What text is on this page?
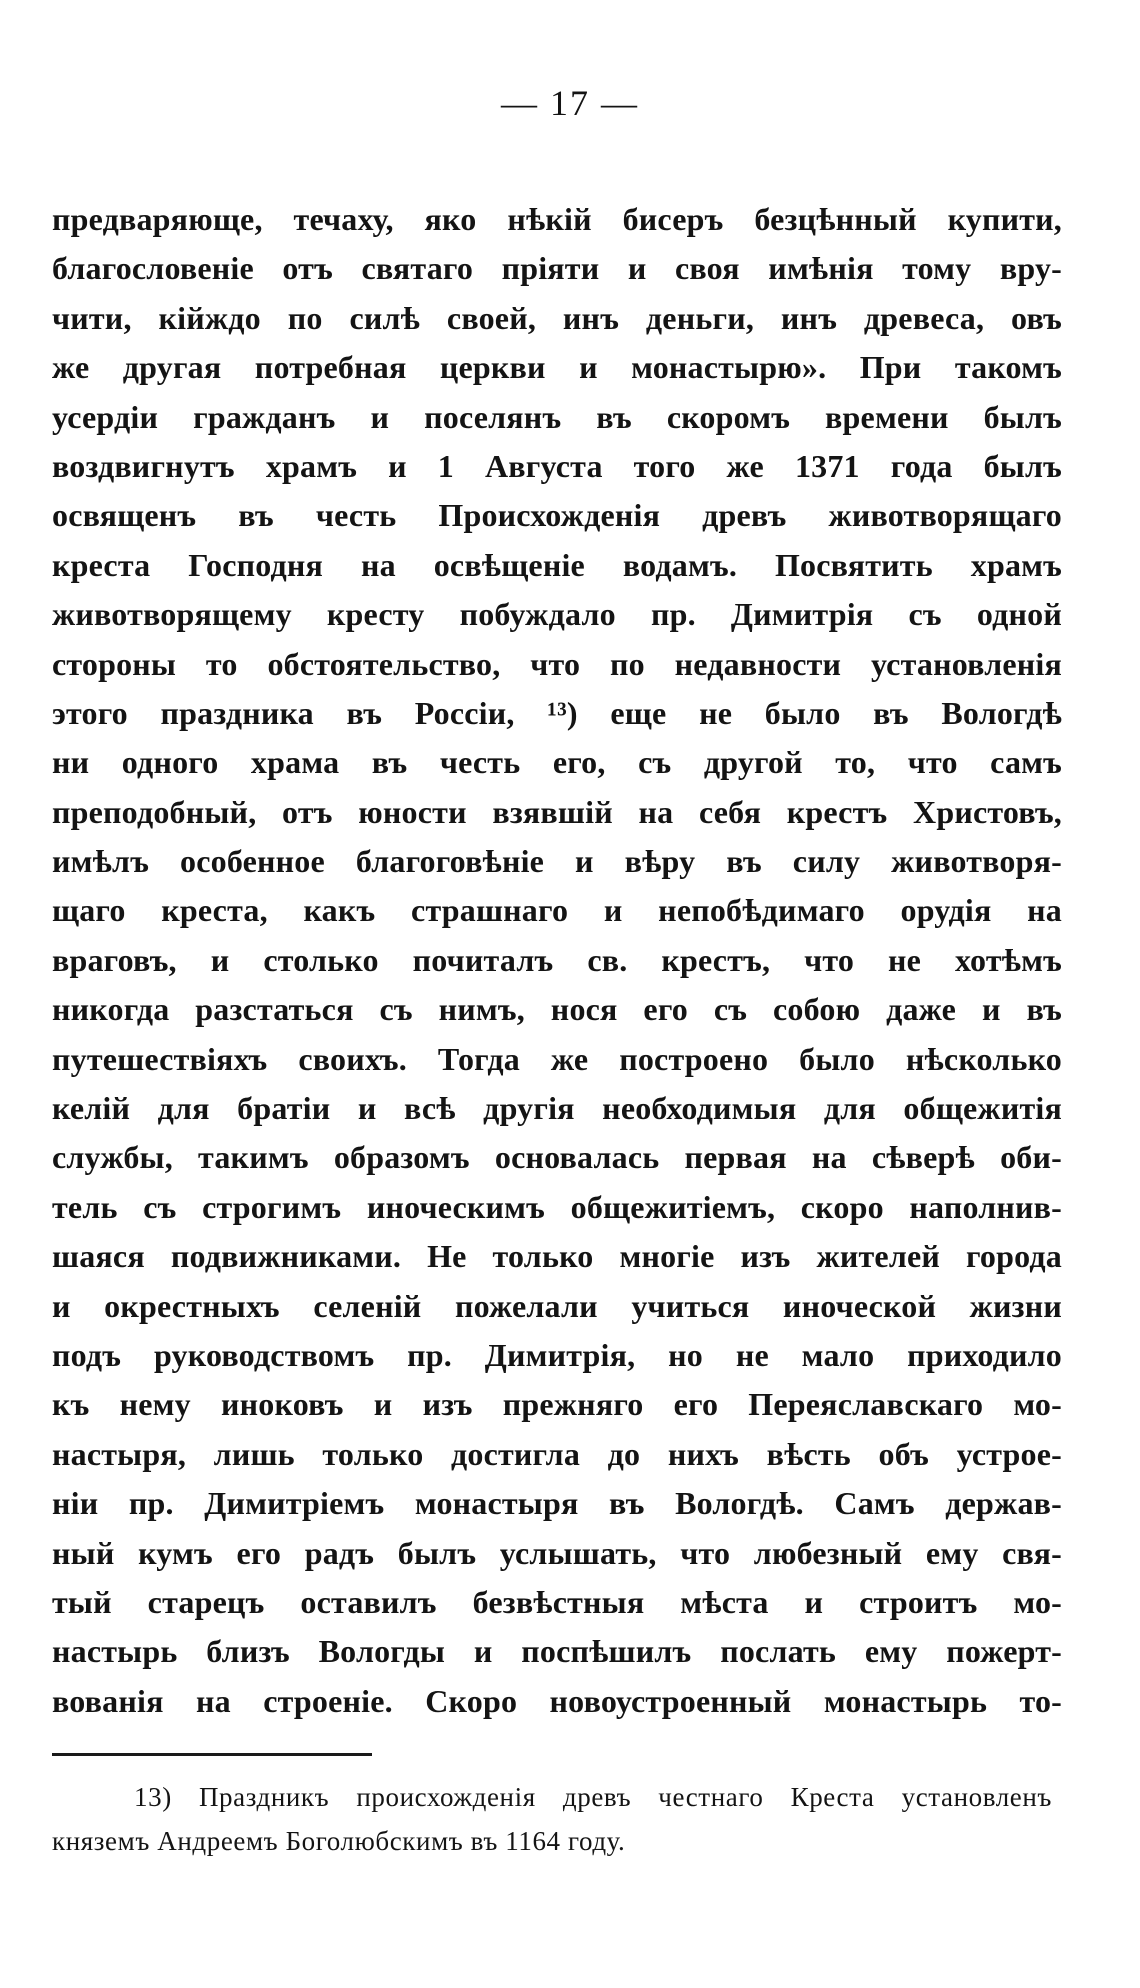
— 17 —
предваряюще, течаху, яко нѣкій бисеръ безцѣнный купити,
благословеніе отъ святаго пріяти и своя имѣнія тому вру-
чити, кійждо по силѣ своей, инъ деньги, инъ древеса, овъ
же другая потребная церкви и монастырю». При такомъ
усердіи гражданъ и поселянъ въ скоромъ времени былъ
воздвигнутъ храмъ и 1 Августа того же 1371 года былъ
освященъ въ честь Происхожденія древъ животворящаго
креста Господня на освѣщеніе водамъ. Посвятить храмъ
животворящему кресту побуждало пр. Димитрія съ одной
стороны то обстоятельство, что по недавности установленія
этого праздника въ Россіи, ¹³) еще не было въ Вологдѣ
ни одного храма въ честь его, съ другой то, что самъ
преподобный, отъ юности взявшій на себя крестъ Христовъ,
имѣлъ особенное благоговѣніе и вѣру въ силу животворя-
щаго креста, какъ страшнаго и непобѣдимаго орудія на
враговъ, и столько почиталъ св. крестъ, что не хотѣмъ
никогда разстаться съ нимъ, нося его съ собою даже и въ
путешествіяхъ своихъ. Тогда же построено было нѣсколько
келій для братіи и всѣ другія необходимыя для общежитія
службы, такимъ образомъ основалась первая на сѣверѣ оби-
тель съ строгимъ иноческимъ общежитіемъ, скоро наполнив-
шаяся подвижниками. Не только многіе изъ жителей города
и окрестныхъ селеній пожелали учиться иноческой жизни
подъ руководствомъ пр. Димитрія, но не мало приходило
къ нему иноковъ и изъ прежняго его Переяславскаго мо-
настыря, лишь только достигла до нихъ вѣсть объ устрое-
ніи пр. Димитріемъ монастыря въ Вологдѣ. Самъ держав-
ный кумъ его радъ былъ услышать, что любезный ему свя-
тый старецъ оставилъ безвѣстныя мѣста и строитъ мо-
настырь близъ Вологды и поспѣшилъ послать ему пожерт-
вованія на строеніе. Скоро новоустроенный монастырь то-
13) Праздникъ происхожденія древъ честнаго Креста установленъ
княземъ Андреемъ Боголюбскимъ въ 1164 году.
